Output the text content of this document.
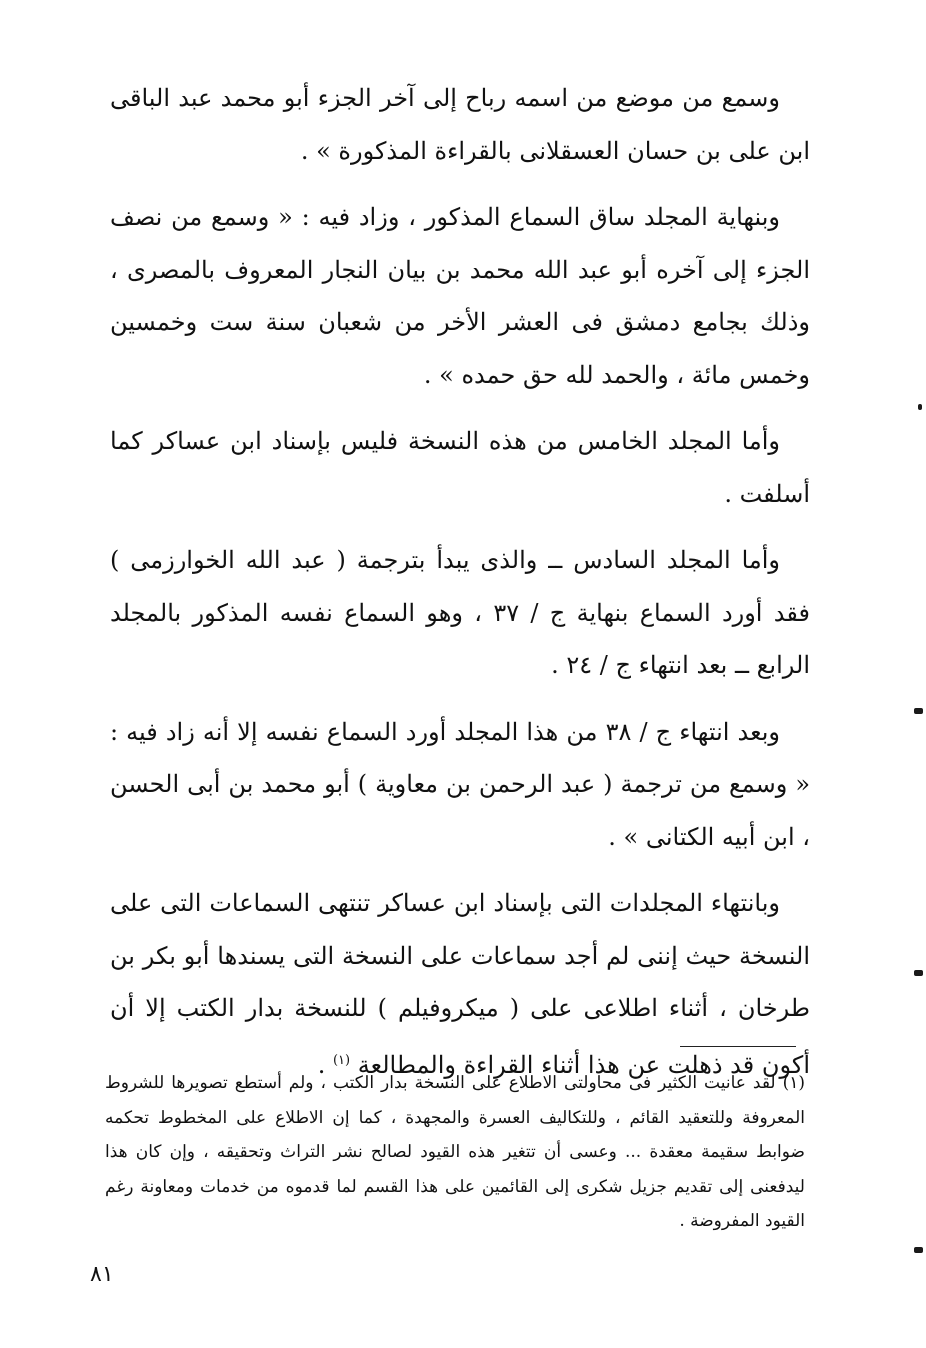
وسمع من موضع من اسمه رباح إلى آخر الجزء أبو محمد عبد الباقى ابن على بن حسان العسقلانى بالقراءة المذكورة » .

وبنهاية المجلد ساق السماع المذكور ، وزاد فيه : « وسمع من نصف الجزء إلى آخره أبو عبد الله محمد بن بيان النجار المعروف بالمصرى ، وذلك بجامع دمشق فى العشر الأخر من شعبان سنة ست وخمسين وخمس مائة ، والحمد لله حق حمده » .

وأما المجلد الخامس من هذه النسخة فليس بإسناد ابن عساكر كما أسلفت .

وأما المجلد السادس ــ والذى يبدأ بترجمة ( عبد الله الخوارزمى ) فقد أورد السماع بنهاية ج / ٣٧ ، وهو السماع نفسه المذكور بالمجلد الرابع ــ بعد انتهاء ج / ٢٤ .

وبعد انتهاء ج / ٣٨ من هذا المجلد أورد السماع نفسه إلا أنه زاد فيه : « وسمع من ترجمة ( عبد الرحمن بن معاوية ) أبو محمد بن أبى الحسن ، ابن أبيه الكتانى » .

وبانتهاء المجلدات التى بإسناد ابن عساكر تنتهى السماعات التى على النسخة حيث إننى لم أجد سماعات على النسخة التى يسندها أبو بكر بن طرخان ، أثناء اطلاعى على ( ميكروفيلم ) للنسخة بدار الكتب إلا أن أكون قد ذهلت عن هذا أثناء القراءة والمطالعة $^{(١)}$ .

(١) لقد عانيت الكثير فى محاولتى الاطلاع على النسخة بدار الكتب ، ولم أستطع تصويرها للشروط المعروفة وللتعقيد القائم ، وللتكاليف العسرة والمجهدة ، كما إن الاطلاع على المخطوط تحكمه ضوابط سقيمة معقدة ... وعسى أن تتغير هذه القيود لصالح نشر التراث وتحقيقه ، وإن كان هذا ليدفعنى إلى تقديم جزيل شكرى إلى القائمين على هذا القسم لما قدموه من خدمات ومعاونة رغم القيود المفروضة .

٨١
